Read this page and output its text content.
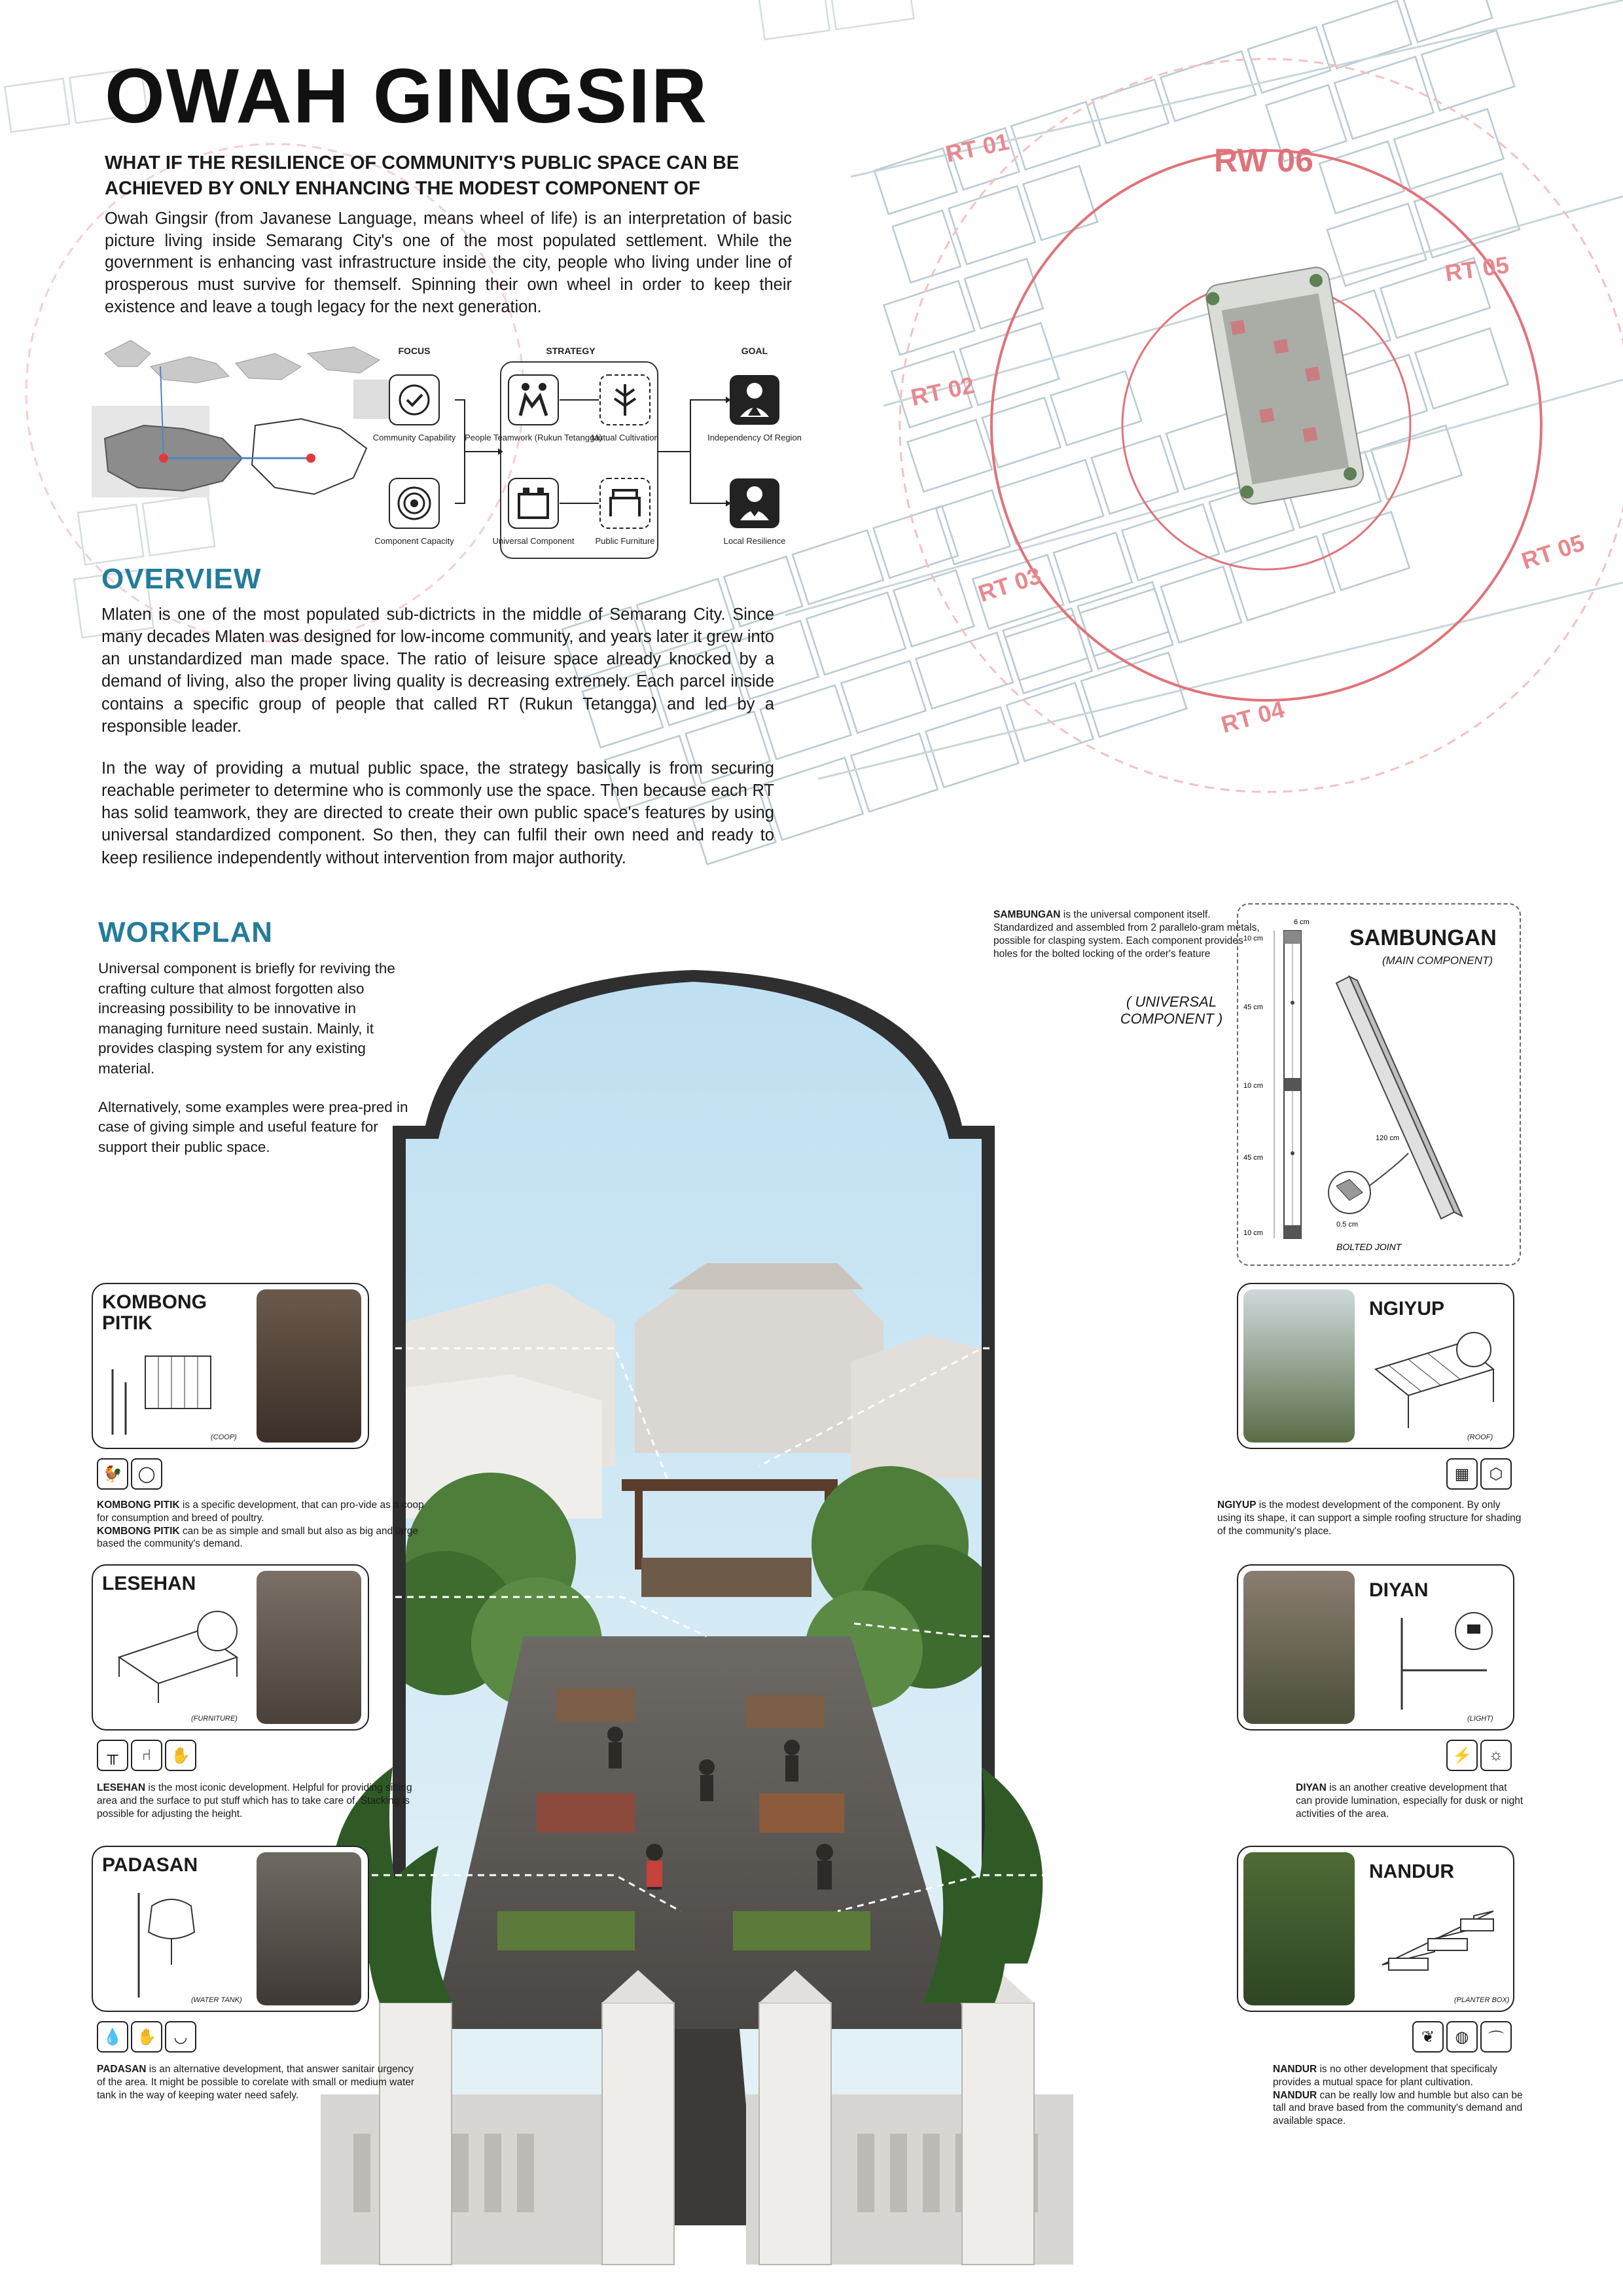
RW 06
RT 01
RT 02
RT 03
RT 04
RT 05
RT 05
OWAH GINGSIR
WHAT IF THE RESILIENCE OF COMMUNITY'S PUBLIC SPACE CAN BE ACHIEVED BY ONLY ENHANCING THE MODEST COMPONENT OF
Owah Gingsir (from Javanese Language, means wheel of life) is an interpretation of basic picture living inside Semarang City's one of the most populated settlement. While the government is enhancing vast infrastructure inside the city, people who living under line of prosperous must survive for themself. Spinning their own wheel in order to keep their existence and leave a tough legacy for the next generation.
FOCUS	STRATEGY	GOAL
Community Capability
Component Capacity
People Teamwork (Rukun Tetangga)
Mutual Cultivation
Universal Component Public Furniture
Independency Of Region
Local Resilience
OVERVIEW

Mlaten is one of the most populated sub-dictricts in the middle of Semarang City. Since many decades Mlaten was designed for low-income community, and years later it grew into an unstandardized man made space. The ratio of leisure space already knocked by a demand of living, also the proper living quality is decreasing extremely. Each parcel inside contains a specific group of people that called RT (Rukun Tetangga) and led by a responsible leader.

In the way of providing a mutual public space, the strategy basically is from securing reachable perimeter to determine who is commonly use the space. Then because each RT has solid teamwork, they are directed to create their own public space's features by using universal standardized component. So then, they can fulfil their own need and ready to keep resilience independently without intervention from major authority.

WORKPLAN

Universal component is briefly for reviving the crafting culture that almost forgotten also increasing possibility to be innovative in managing furniture need sustain. Mainly, it provides clasping system for any existing material.

Alternatively, some examples were prea-pred in case of giving simple and useful feature for support their public space.

SAMBUNGAN is the universal component itself. Standardized and assembled from 2 parallelo-gram metals, possible for clasping system. Each component provides holes for the bolted locking of the order's feature
( UNIVERSAL COMPONENT )
SAMBUNGAN
(MAIN COMPONENT)
10 cm
45 cm
10 cm
45 cm
10 cm
6 cm
120 cm
0.5 cm
BOLTED JOINT
KOMBONG PITIK
(COOP)
🐓 ◯
KOMBONG PITIK is a specific development, that can pro-vide as a coop for consumption and breed of poultry.
KOMBONG PITIK can be as simple and small but also as big and large based the community's demand.
LESEHAN
(FURNITURE)
╥	⑁	✋
LESEHAN is the most iconic development. Helpful for providing sitting area and the surface to put stuff which has to take care of. Stacking is possible for adjusting the height.
PADASAN
(WATER TANK)
💧 ✋	◡
PADASAN is an alternative development, that answer sanitair urgency of the area. It might be possible to corelate with small or medium water tank in the way of keeping water need safely.
NGIYUP
(ROOF)
▦	⬡
NGIYUP is the modest development of the component. By only using its shape, it can support a simple roofing structure for shading of the community's place.
DIYAN
(LIGHT)
⚡	☼
DIYAN is an another creative development that can provide lumination, especially for dusk or night activities of the area.
NANDUR
(PLANTER BOX)
❦	◍	⌒
NANDUR is no other development that specificaly provides a mutual space for plant cultivation.
NANDUR can be really low and humble but also can be tall and brave based from the community's demand and available space.
